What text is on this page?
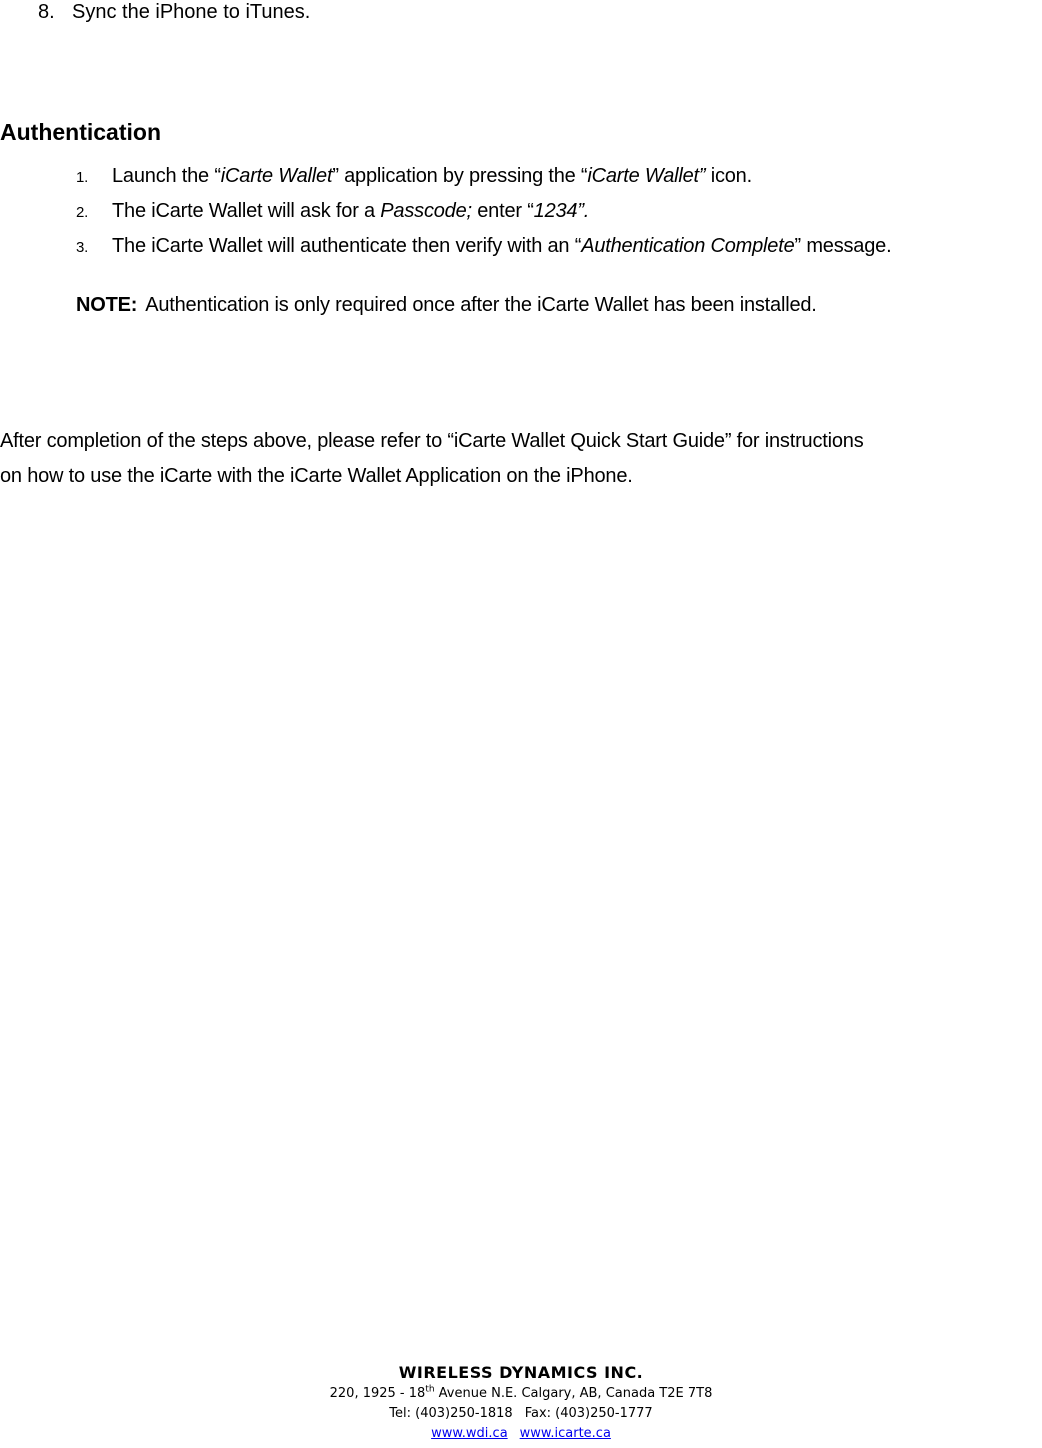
8. Sync the iPhone to iTunes.
Authentication
1. Launch the “iCarte Wallet” application by pressing the “iCarte Wallet” icon.
2. The iCarte Wallet will ask for a Passcode; enter “1234”.
3. The iCarte Wallet will authenticate then verify with an “Authentication Complete” message.
NOTE: Authentication is only required once after the iCarte Wallet has been installed.

After completion of the steps above, please refer to “iCarte Wallet Quick Start Guide” for instructions

on how to use the iCarte with the iCarte Wallet Application on the iPhone.

WIRELESS DYNAMICS INC.
220, 1925 - 18th Avenue N.E. Calgary, AB, Canada T2E 7T8
Tel: (403)250-1818 Fax: (403)250-1777
www.wdi.ca www.icarte.ca
